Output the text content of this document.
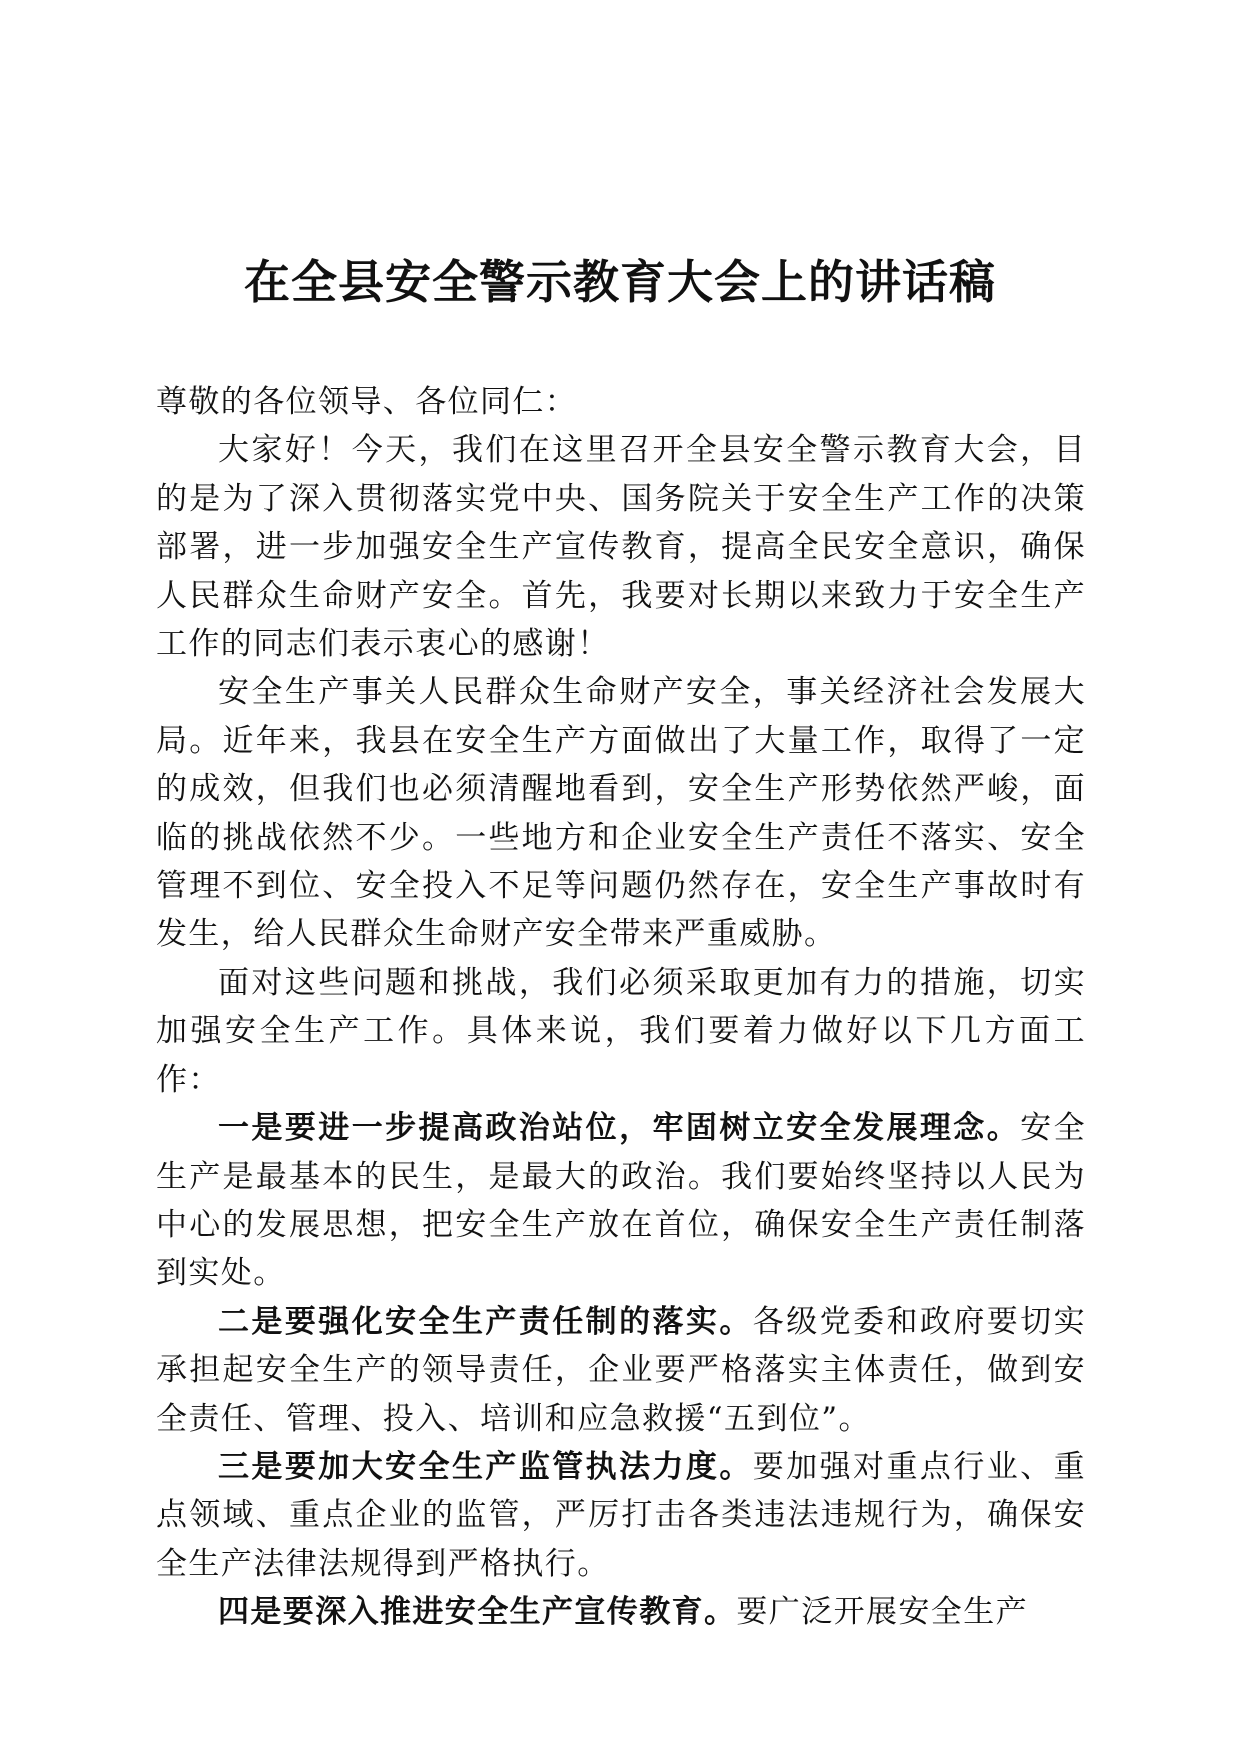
在全县安全警示教育大会上的讲话稿

尊敬的各位领导、各位同仁：

大家好！今天，我们在这里召开全县安全警示教育大会，目的是为了深入贯彻落实党中央、国务院关于安全生产工作的决策部署，进一步加强安全生产宣传教育，提高全民安全意识，确保人民群众生命财产安全。首先，我要对长期以来致力于安全生产工作的同志们表示衷心的感谢！

安全生产事关人民群众生命财产安全，事关经济社会发展大局。近年来，我县在安全生产方面做出了大量工作，取得了一定的成效，但我们也必须清醒地看到，安全生产形势依然严峻，面临的挑战依然不少。一些地方和企业安全生产责任不落实、安全管理不到位、安全投入不足等问题仍然存在，安全生产事故时有发生，给人民群众生命财产安全带来严重威胁。

面对这些问题和挑战，我们必须采取更加有力的措施，切实加强安全生产工作。具体来说，我们要着力做好以下几方面工作：

一是要进一步提高政治站位，牢固树立安全发展理念。安全生产是最基本的民生，是最大的政治。我们要始终坚持以人民为中心的发展思想，把安全生产放在首位，确保安全生产责任制落到实处。

二是要强化安全生产责任制的落实。各级党委和政府要切实承担起安全生产的领导责任，企业要严格落实主体责任，做到安全责任、管理、投入、培训和应急救援“五到位”。

三是要加大安全生产监管执法力度。要加强对重点行业、重点领域、重点企业的监管，严厉打击各类违法违规行为，确保安全生产法律法规得到严格执行。

四是要深入推进安全生产宣传教育。要广泛开展安全生产
